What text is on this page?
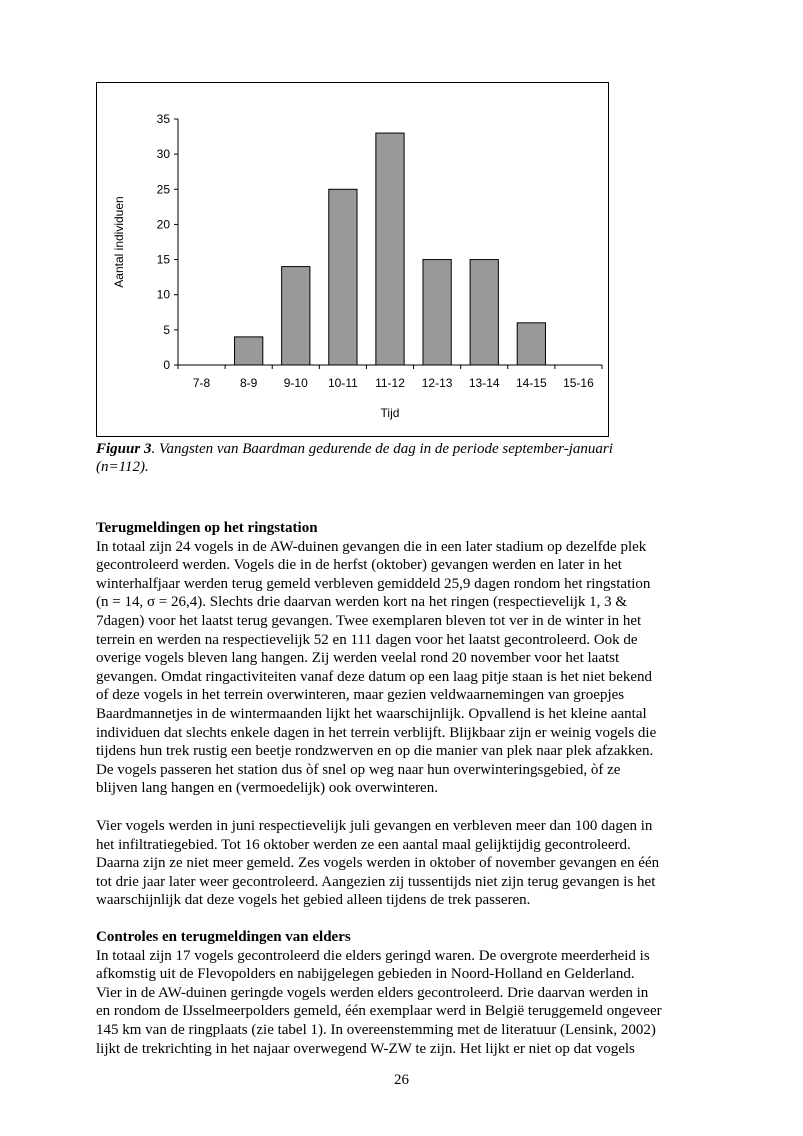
0
5
10
15
20
25
30
35
7-8 8-9 9-10 10-11 11-12 12-13 13-14 14-15 15-16
Tijd
Aantal individuen
Figuur 3. Vangsten van Baardman gedurende de dag in de periode september-januari
(n=112).
Terugmeldingen op het ringstation
In totaal zijn 24 vogels in de AW-duinen gevangen die in een later stadium op dezelfde plek
gecontroleerd werden. Vogels die in de herfst (oktober) gevangen werden en later in het
winterhalfjaar werden terug gemeld verbleven gemiddeld 25,9 dagen rondom het ringstation
(n = 14, σ = 26,4). Slechts drie daarvan werden kort na het ringen (respectievelijk 1, 3 &
7dagen) voor het laatst terug gevangen. Twee exemplaren bleven tot ver in de winter in het
terrein en werden na respectievelijk 52 en 111 dagen voor het laatst gecontroleerd. Ook de
overige vogels bleven lang hangen. Zij werden veelal rond 20 november voor het laatst
gevangen. Omdat ringactiviteiten vanaf deze datum op een laag pitje staan is het niet bekend
of deze vogels in het terrein overwinteren, maar gezien veldwaarnemingen van groepjes
Baardmannetjes in de wintermaanden lijkt het waarschijnlijk. Opvallend is het kleine aantal
individuen dat slechts enkele dagen in het terrein verblijft. Blijkbaar zijn er weinig vogels die
tijdens hun trek rustig een beetje rondzwerven en op die manier van plek naar plek afzakken.
De vogels passeren het station dus òf snel op weg naar hun overwinteringsgebied, òf ze
blijven lang hangen en (vermoedelijk) ook overwinteren.
Vier vogels werden in juni respectievelijk juli gevangen en verbleven meer dan 100 dagen in
het infiltratiegebied. Tot 16 oktober werden ze een aantal maal gelijktijdig gecontroleerd.
Daarna zijn ze niet meer gemeld. Zes vogels werden in oktober of november gevangen en één
tot drie jaar later weer gecontroleerd. Aangezien zij tussentijds niet zijn terug gevangen is het
waarschijnlijk dat deze vogels het gebied alleen tijdens de trek passeren.
Controles en terugmeldingen van elders
In totaal zijn 17 vogels gecontroleerd die elders geringd waren. De overgrote meerderheid is
afkomstig uit de Flevopolders en nabijgelegen gebieden in Noord-Holland en Gelderland.
Vier in de AW-duinen geringde vogels werden elders gecontroleerd. Drie daarvan werden in
en rondom de IJsselmeerpolders gemeld, één exemplaar werd in België teruggemeld ongeveer
145 km van de ringplaats (zie tabel 1). In overeenstemming met de literatuur (Lensink, 2002)
lijkt de trekrichting in het najaar overwegend W-ZW te zijn. Het lijkt er niet op dat vogels
26
